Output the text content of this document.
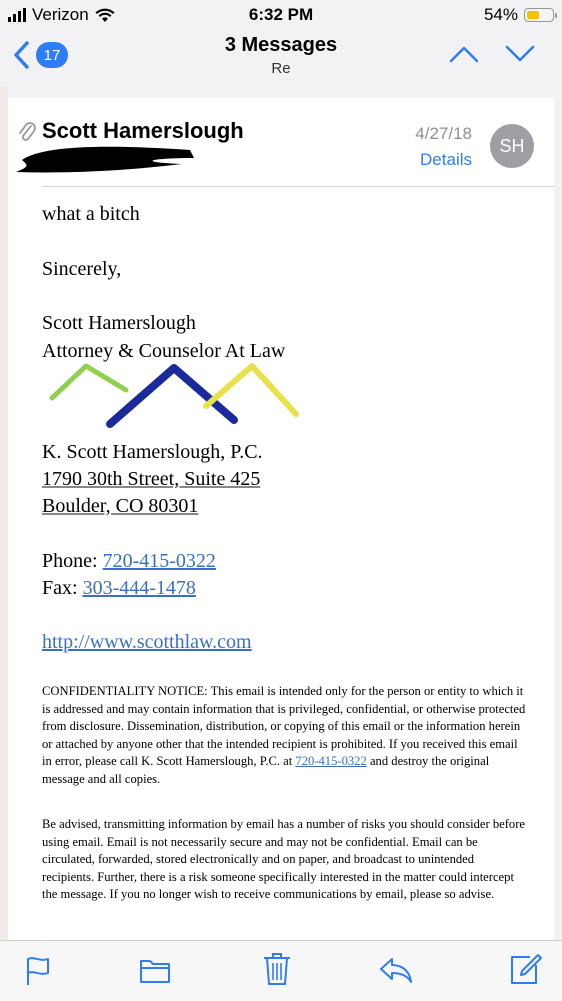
Verizon	6:32 PM	54%
17	3 Messages
Re
Scott Hamerslough	4/27/18
Details
SH
what a bitch
Sincerely,
Scott Hamerslough
Attorney & Counselor At Law
K. Scott Hamerslough, P.C.
1790 30th Street, Suite 425
Boulder, CO 80301
Phone: 720-415-0322
Fax: 303-444-1478
http://www.scotthlaw.com

CONFIDENTIALITY NOTICE: This email is intended only for the person or entity to which it is addressed and may contain information that is privileged, confidential, or otherwise protected from disclosure. Dissemination, distribution, or copying of this email or the information herein or attached by anyone other that the intended recipient is prohibited. If you received this email in error, please call K. Scott Hamerslough, P.C. at 720-415-0322 and destroy the original message and all copies.

Be advised, transmitting information by email has a number of risks you should consider before using email. Email is not necessarily secure and may not be confidential. Email can be circulated, forwarded, stored electronically and on paper, and broadcast to unintended recipients. Further, there is a risk someone specifically interested in the matter could intercept the message. If you no longer wish to receive communications by email, please so advise.
